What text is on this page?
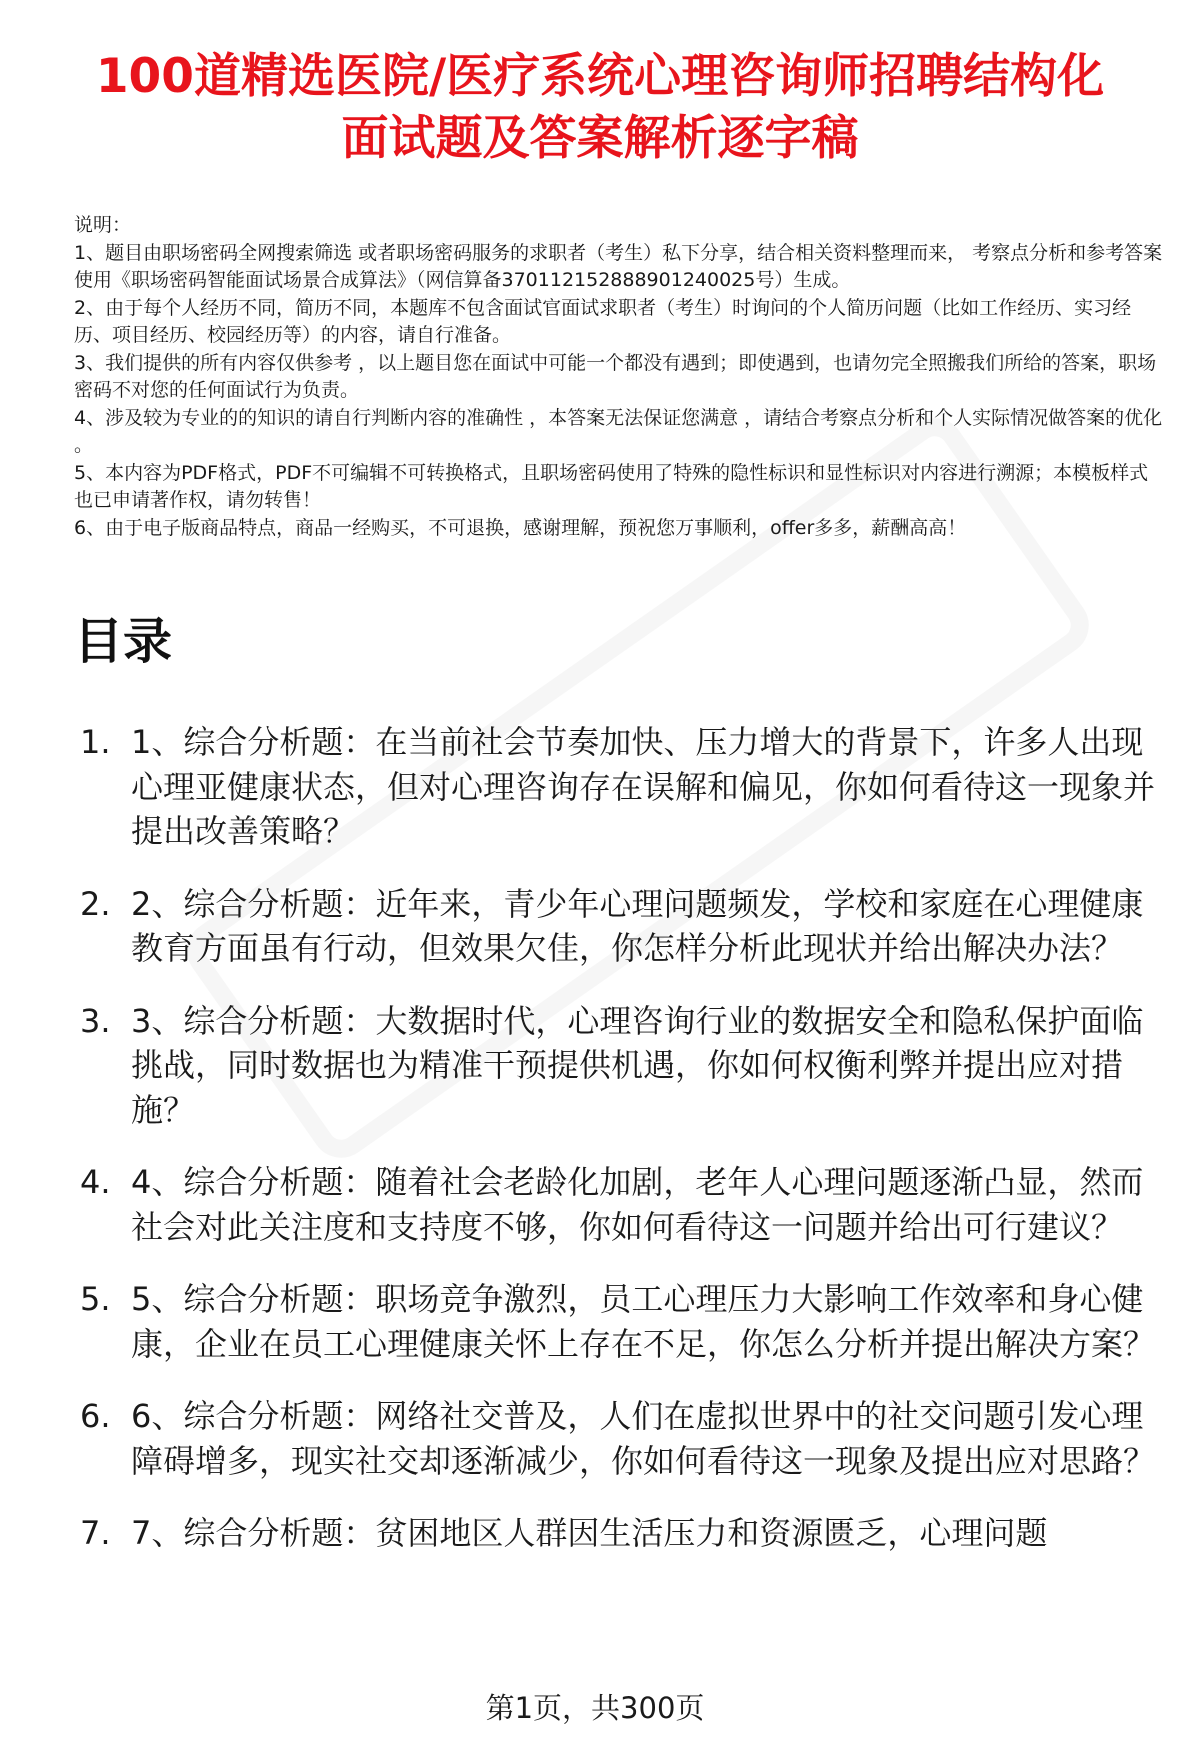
100道精选医院/医疗系统心理咨询师招聘结构化面试题及答案解析逐字稿

说明：

1、题目由职场密码全网搜索筛选 或者职场密码服务的求职者（考生）私下分享，结合相关资料整理而来， 考察点分析和参考答案使用《职场密码智能面试场景合成算法》（网信算备370112152888901240025号）生成。

2、由于每个人经历不同，简历不同，本题库不包含面试官面试求职者（考生）时询问的个人简历问题（比如工作经历、实习经历、项目经历、校园经历等）的内容，请自行准备。

3、我们提供的所有内容仅供参考 ，以上题目您在面试中可能一个都没有遇到；即使遇到，也请勿完全照搬我们所给的答案，职场密码不对您的任何面试行为负责。

4、涉及较为专业的的知识的请自行判断内容的准确性 ，本答案无法保证您满意 ，请结合考察点分析和个人实际情况做答案的优化 。

5、本内容为PDF格式，PDF不可编辑不可转换格式，且职场密码使用了特殊的隐性标识和显性标识对内容进行溯源；本模板样式也已申请著作权，请勿转售！

6、由于电子版商品特点，商品一经购买，不可退换，感谢理解，预祝您万事顺利，offer多多，薪酬高高！

目录
1. 1、综合分析题：在当前社会节奏加快、压力增大的背景下，许多人出现心理亚健康状态，但对心理咨询存在误解和偏见，你如何看待这一现象并提出改善策略？
2. 2、综合分析题：近年来，青少年心理问题频发，学校和家庭在心理健康教育方面虽有行动，但效果欠佳，你怎样分析此现状并给出解决办法？
3. 3、综合分析题：大数据时代，心理咨询行业的数据安全和隐私保护面临挑战，同时数据也为精准干预提供机遇，你如何权衡利弊并提出应对措施？
4. 4、综合分析题：随着社会老龄化加剧，老年人心理问题逐渐凸显，然而社会对此关注度和支持度不够，你如何看待这一问题并给出可行建议？
5. 5、综合分析题：职场竞争激烈，员工心理压力大影响工作效率和身心健康，企业在员工心理健康关怀上存在不足，你怎么分析并提出解决方案？
6. 6、综合分析题：网络社交普及，人们在虚拟世界中的社交问题引发心理障碍增多，现实社交却逐渐减少，你如何看待这一现象及提出应对思路？
7. 7、综合分析题：贫困地区人群因生活压力和资源匮乏，心理问题
第1页，共300页
